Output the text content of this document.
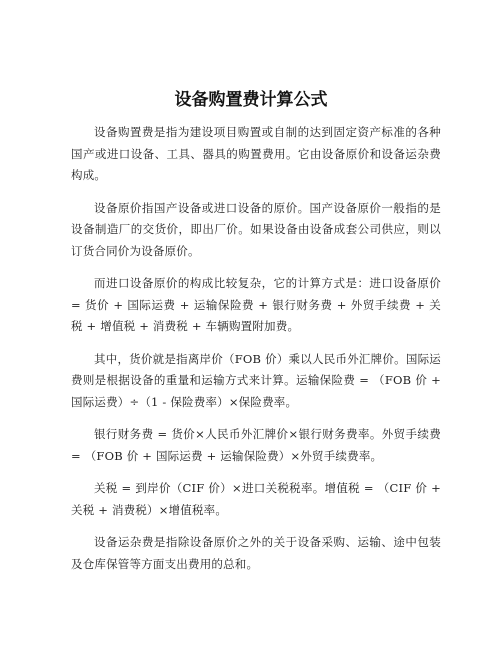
设备购置费计算公式

设备购置费是指为建设项目购置或自制的达到固定资产标准的各种国产或进口设备、工具、器具的购置费用。它由设备原价和设备运杂费构成。

设备原价指国产设备或进口设备的原价。国产设备原价一般指的是设备制造厂的交货价，即出厂价。如果设备由设备成套公司供应，则以订货合同价为设备原价。

而进口设备原价的构成比较复杂，它的计算方式是：进口设备原价 = 货价 + 国际运费 + 运输保险费 + 银行财务费 + 外贸手续费 + 关税 + 增值税 + 消费税 + 车辆购置附加费。

其中，货价就是指离岸价（FOB 价）乘以人民币外汇牌价。国际运费则是根据设备的重量和运输方式来计算。运输保险费 = （FOB 价 + 国际运费）÷（1 - 保险费率）×保险费率。

银行财务费 = 货价×人民币外汇牌价×银行财务费率。外贸手续费 = （FOB 价 + 国际运费 + 运输保险费）×外贸手续费率。

关税 = 到岸价（CIF 价）×进口关税税率。增值税 = （CIF 价 + 关税 + 消费税）×增值税率。

设备运杂费是指除设备原价之外的关于设备采购、运输、途中包装及仓库保管等方面支出费用的总和。
